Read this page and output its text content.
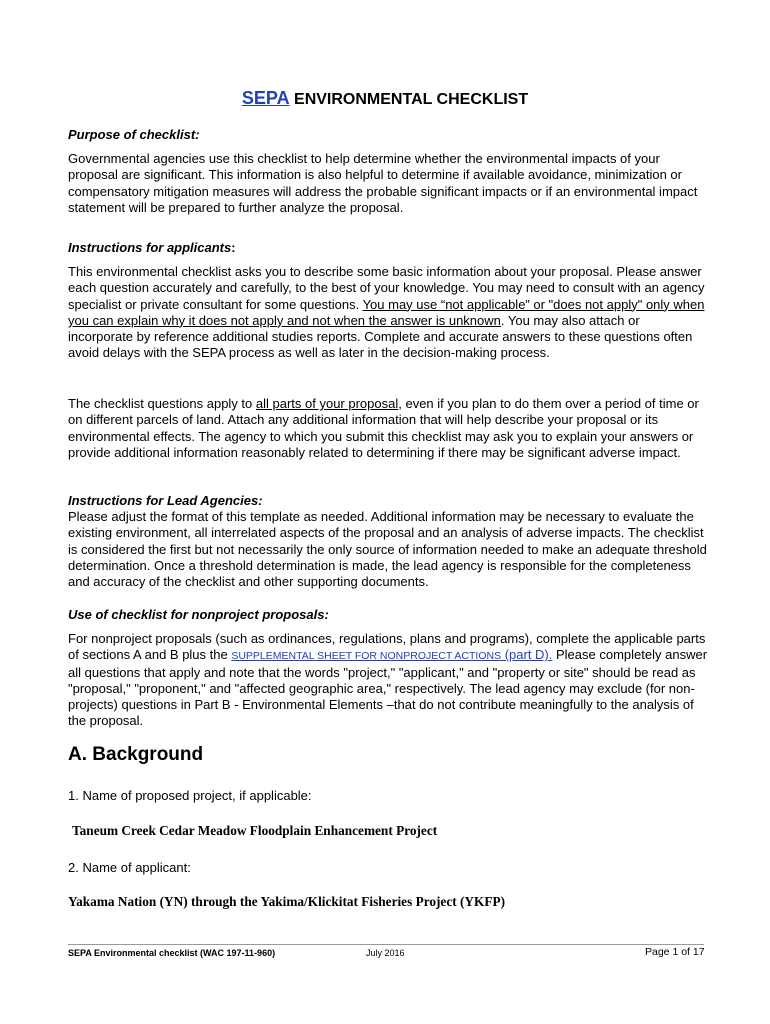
SEPA ENVIRONMENTAL CHECKLIST
Purpose of checklist:
Governmental agencies use this checklist to help determine whether the environmental impacts of your proposal are significant. This information is also helpful to determine if available avoidance, minimization or compensatory mitigation measures will address the probable significant impacts or if an environmental impact statement will be prepared to further analyze the proposal.
Instructions for applicants:
This environmental checklist asks you to describe some basic information about your proposal. Please answer each question accurately and carefully, to the best of your knowledge. You may need to consult with an agency specialist or private consultant for some questions. You may use “not applicable” or "does not apply" only when you can explain why it does not apply and not when the answer is unknown. You may also attach or incorporate by reference additional studies reports. Complete and accurate answers to these questions often avoid delays with the SEPA process as well as later in the decision-making process.
The checklist questions apply to all parts of your proposal, even if you plan to do them over a period of time or on different parcels of land. Attach any additional information that will help describe your proposal or its environmental effects. The agency to which you submit this checklist may ask you to explain your answers or provide additional information reasonably related to determining if there may be significant adverse impact.
Instructions for Lead Agencies:
Please adjust the format of this template as needed. Additional information may be necessary to evaluate the existing environment, all interrelated aspects of the proposal and an analysis of adverse impacts. The checklist is considered the first but not necessarily the only source of information needed to make an adequate threshold determination. Once a threshold determination is made, the lead agency is responsible for the completeness and accuracy of the checklist and other supporting documents.
Use of checklist for nonproject proposals:
For nonproject proposals (such as ordinances, regulations, plans and programs), complete the applicable parts of sections A and B plus the SUPPLEMENTAL SHEET FOR NONPROJECT ACTIONS (part D). Please completely answer all questions that apply and note that the words "project," "applicant," and "property or site" should be read as "proposal," "proponent," and "affected geographic area," respectively. The lead agency may exclude (for non-projects) questions in Part B - Environmental Elements –that do not contribute meaningfully to the analysis of the proposal.
A. Background
1. Name of proposed project, if applicable:
Taneum Creek Cedar Meadow Floodplain Enhancement Project
2. Name of applicant:
Yakama Nation (YN) through the Yakima/Klickitat Fisheries Project (YKFP)
SEPA Environmental checklist (WAC 197-11-960)	July 2016	Page 1 of 17
